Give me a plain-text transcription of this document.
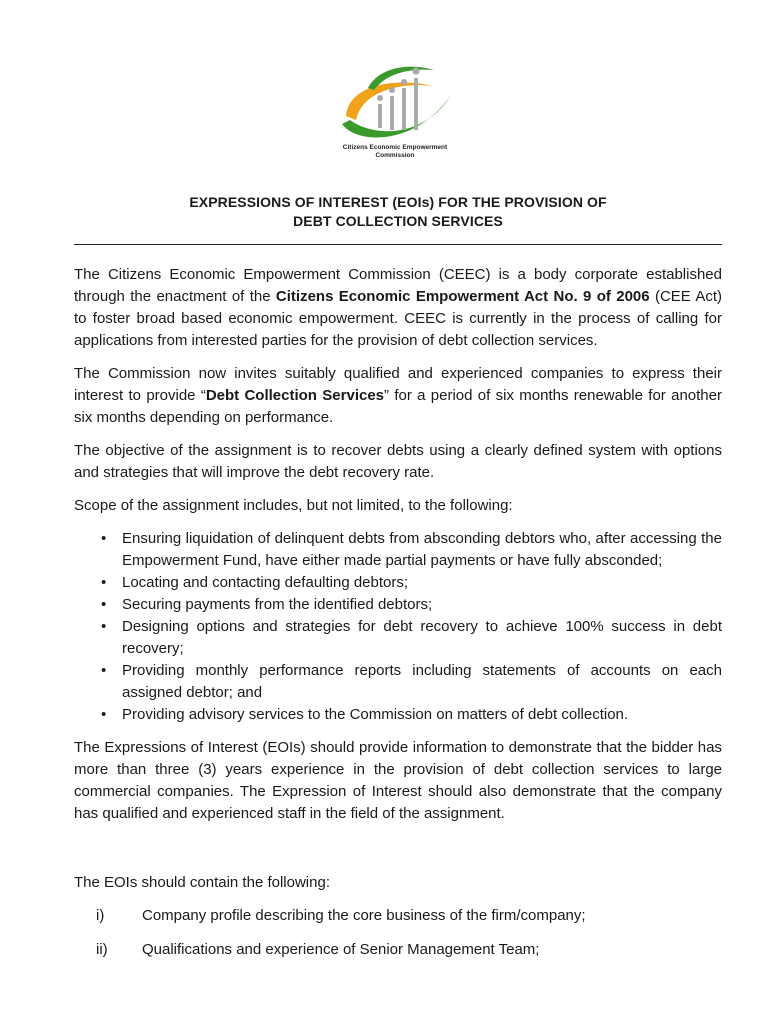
Citizens Economic Empowerment
Commission
EXPRESSIONS OF INTEREST (EOIs) FOR THE PROVISION OF
DEBT COLLECTION SERVICES

The Citizens Economic Empowerment Commission (CEEC) is a body corporate established through the enactment of the Citizens Economic Empowerment Act No. 9 of 2006 (CEE Act) to foster broad based economic empowerment. CEEC is currently in the process of calling for applications from interested parties for the provision of debt collection services.

The Commission now invites suitably qualified and experienced companies to express their interest to provide “Debt Collection Services” for a period of six months renewable for another six months depending on performance.

The objective of the assignment is to recover debts using a clearly defined system with options and strategies that will improve the debt recovery rate.

Scope of the assignment includes, but not limited, to the following:

• Ensuring liquidation of delinquent debts from absconding debtors who, after accessing the Empowerment Fund, have either made partial payments or have fully absconded;
• Locating and contacting defaulting debtors;
• Securing payments from the identified debtors;
• Designing options and strategies for debt recovery to achieve 100% success in debt recovery;
• Providing monthly performance reports including statements of accounts on each assigned debtor; and
• Providing advisory services to the Commission on matters of debt collection.

The Expressions of Interest (EOIs) should provide information to demonstrate that the bidder has more than three (3) years experience in the provision of debt collection services to large commercial companies. The Expression of Interest should also demonstrate that the company has qualified and experienced staff in the field of the assignment.

The EOIs should contain the following:

i)	Company profile describing the core business of the firm/company;
ii) Qualifications and experience of Senior Management Team;
